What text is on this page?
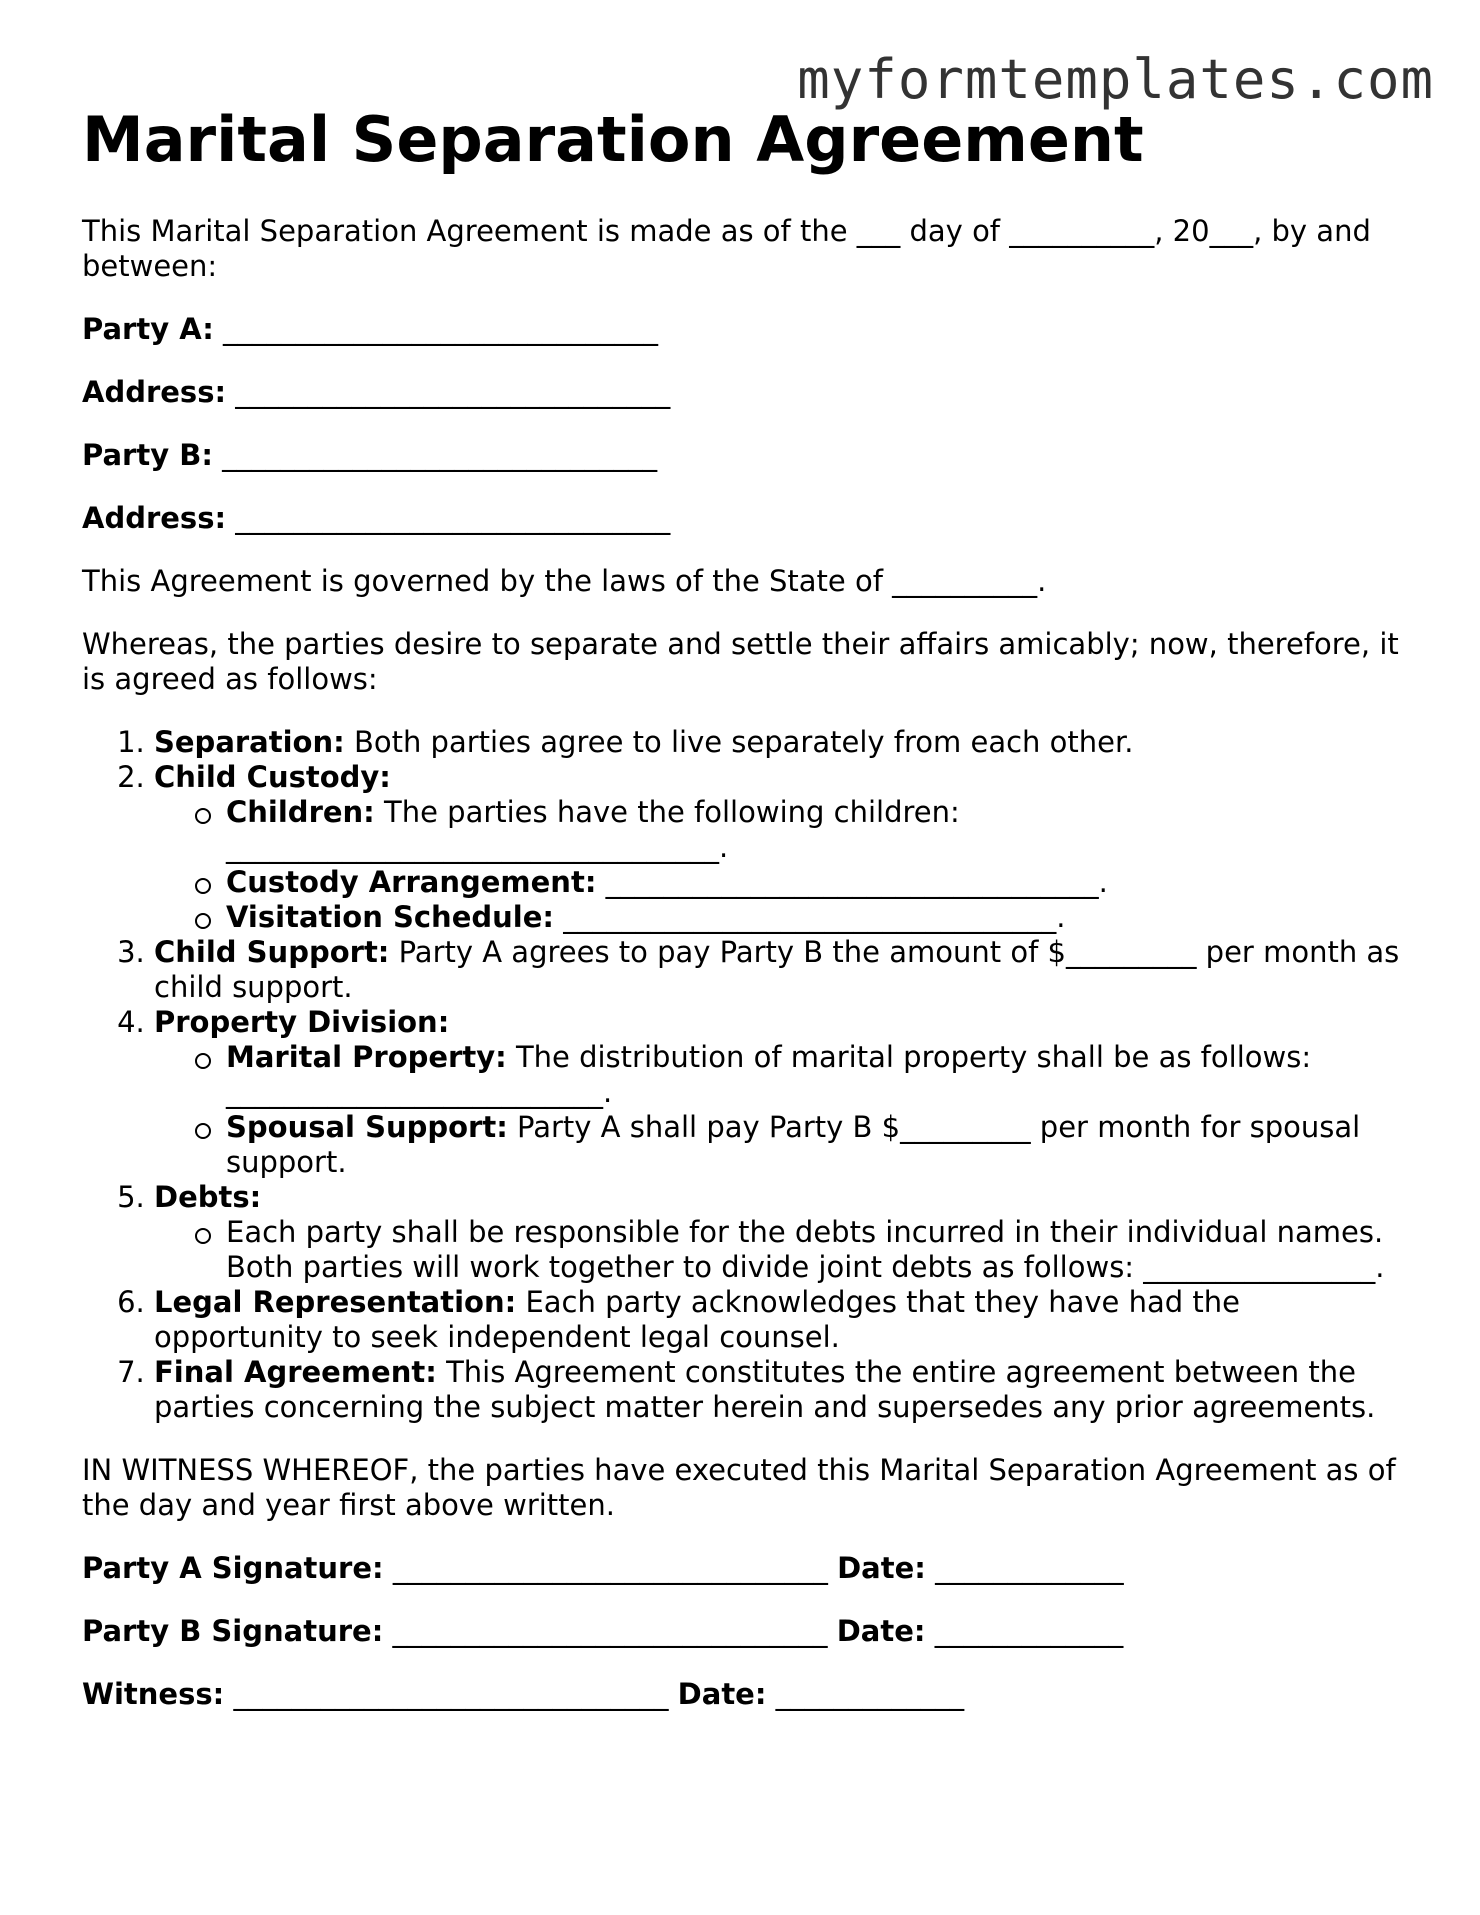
myformtemplates.com
Marital Separation Agreement

This Marital Separation Agreement is made as of the ___ day of __________, 20___, by and between:

Party A: ______________________________

Address: ______________________________

Party B: ______________________________

Address: ______________________________

This Agreement is governed by the laws of the State of __________.

Whereas, the parties desire to separate and settle their affairs amicably; now, therefore, it is agreed as follows:

1. Separation: Both parties agree to live separately from each other.
2. Child Custody:
Children: The parties have the following children: __________________________________.
Custody Arrangement: __________________________________.
Visitation Schedule: __________________________________.
3. Child Support: Party A agrees to pay Party B the amount of $_________ per month as child support.
4. Property Division:
Marital Property: The distribution of marital property shall be as follows: __________________________.
Spousal Support: Party A shall pay Party B $_________ per month for spousal support.
5. Debts:
Each party shall be responsible for the debts incurred in their individual names. Both parties will work together to divide joint debts as follows: ________________.
6. Legal Representation: Each party acknowledges that they have had the opportunity to seek independent legal counsel.
7. Final Agreement: This Agreement constitutes the entire agreement between the parties concerning the subject matter herein and supersedes any prior agreements.

IN WITNESS WHEREOF, the parties have executed this Marital Separation Agreement as of the day and year first above written.

Party A Signature: ______________________________ Date: _____________

Party B Signature: ______________________________ Date: _____________

Witness: ______________________________ Date: _____________
